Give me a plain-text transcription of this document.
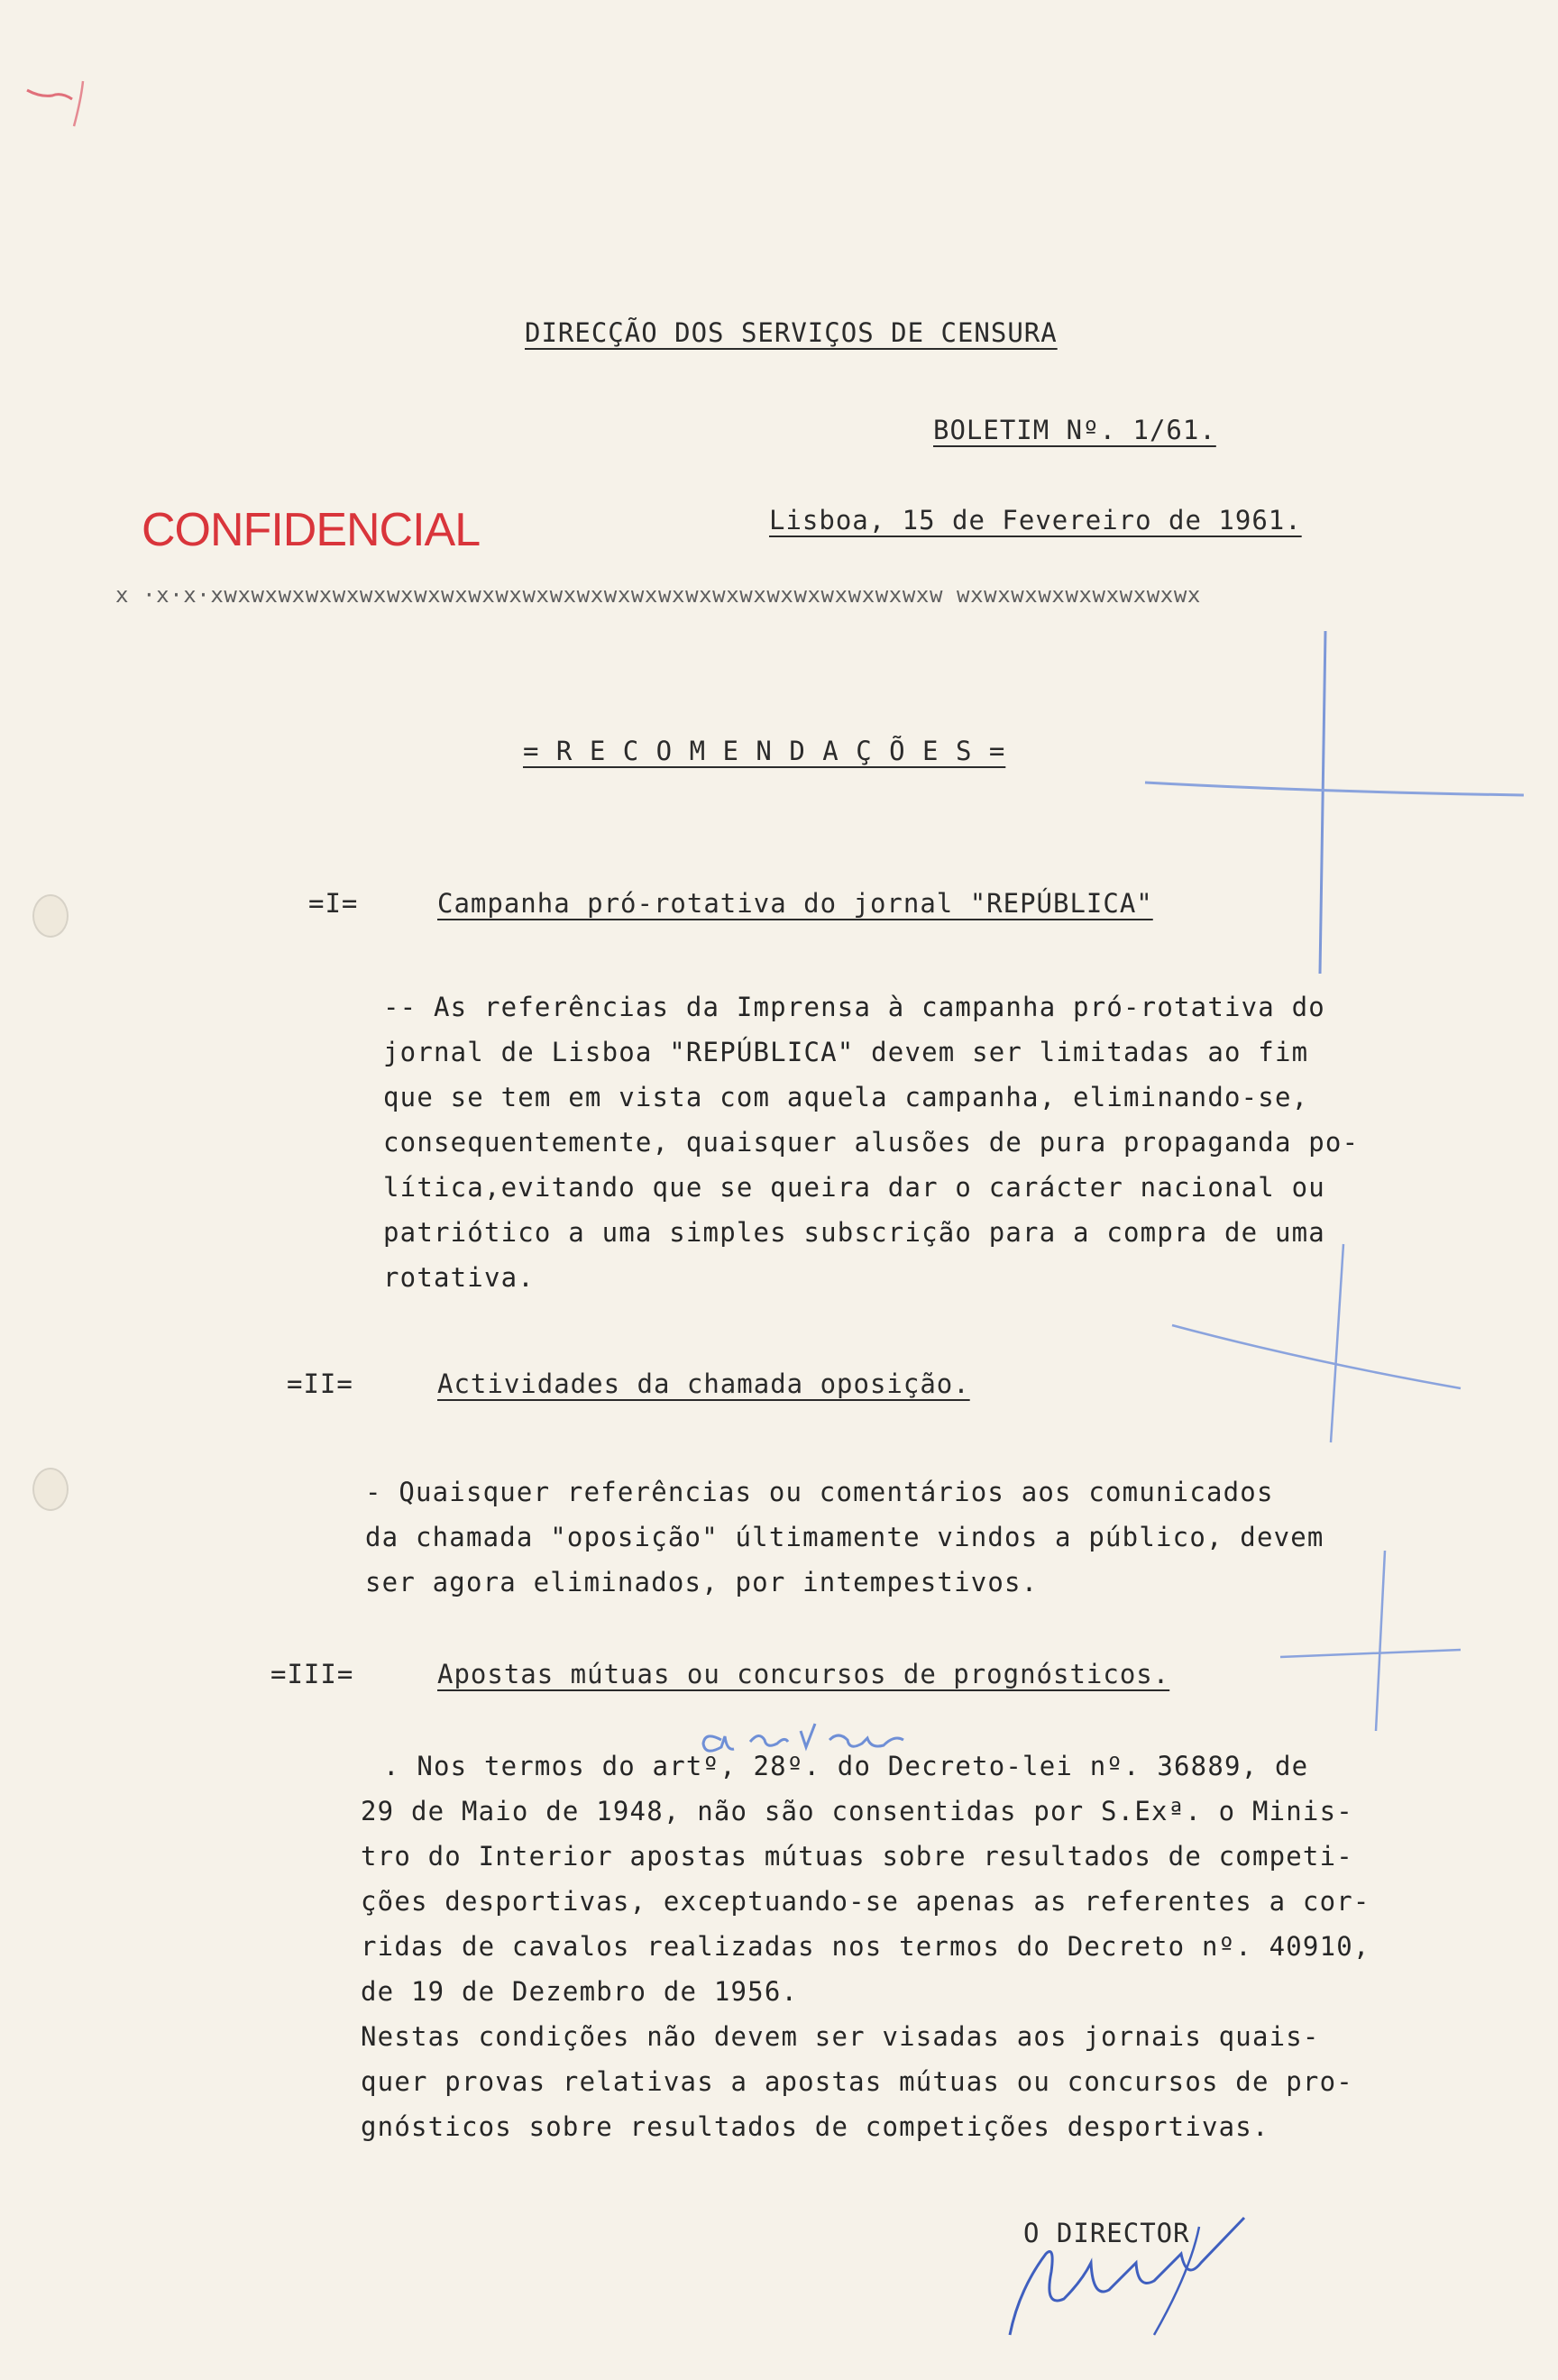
DIRECÇÃO DOS SERVIÇOS DE CENSURA
BOLETIM Nº. 1/61.
Lisboa, 15 de Fevereiro de 1961.
CONFIDENCIAL
x ·x·x·xwxwxwxwxwxwxwxwxwxwxwxwxwxwxwxwxwxwxwxwxwxwxwxwxwxwxw wxwxwxwxwxwxwxwxwx
= R E C O M E N D A Ç Õ E S =
=I=	Campanha pró-rotativa do jornal "REPÚBLICA"
-- As referências da Imprensa à campanha pró-rotativa do
jornal de Lisboa "REPÚBLICA" devem ser limitadas ao fim
que se tem em vista com aquela campanha, eliminando-se,
consequentemente, quaisquer alusões de pura propaganda po-
lítica,evitando que se queira dar o carácter nacional ou
patriótico a uma simples subscrição para a compra de uma
rotativa.
=II=	Actividades da chamada oposição.
- Quaisquer referências ou comentários aos comunicados
da chamada "oposição" últimamente vindos a público, devem
ser agora eliminados, por intempestivos.
=III=	Apostas mútuas ou concursos de prognósticos.
. Nos termos do artº, 28º. do Decreto-lei nº. 36889, de
29 de Maio de 1948, não são consentidas por S.Exª. o Minis-
tro do Interior apostas mútuas sobre resultados de competi-
ções desportivas, exceptuando-se apenas as referentes a cor-
ridas de cavalos realizadas nos termos do Decreto nº. 40910,
de 19 de Dezembro de 1956.
Nestas condições não devem ser visadas aos jornais quais-
quer provas relativas a apostas mútuas ou concursos de pro-
gnósticos sobre resultados de competições desportivas.
O DIRECTOR
